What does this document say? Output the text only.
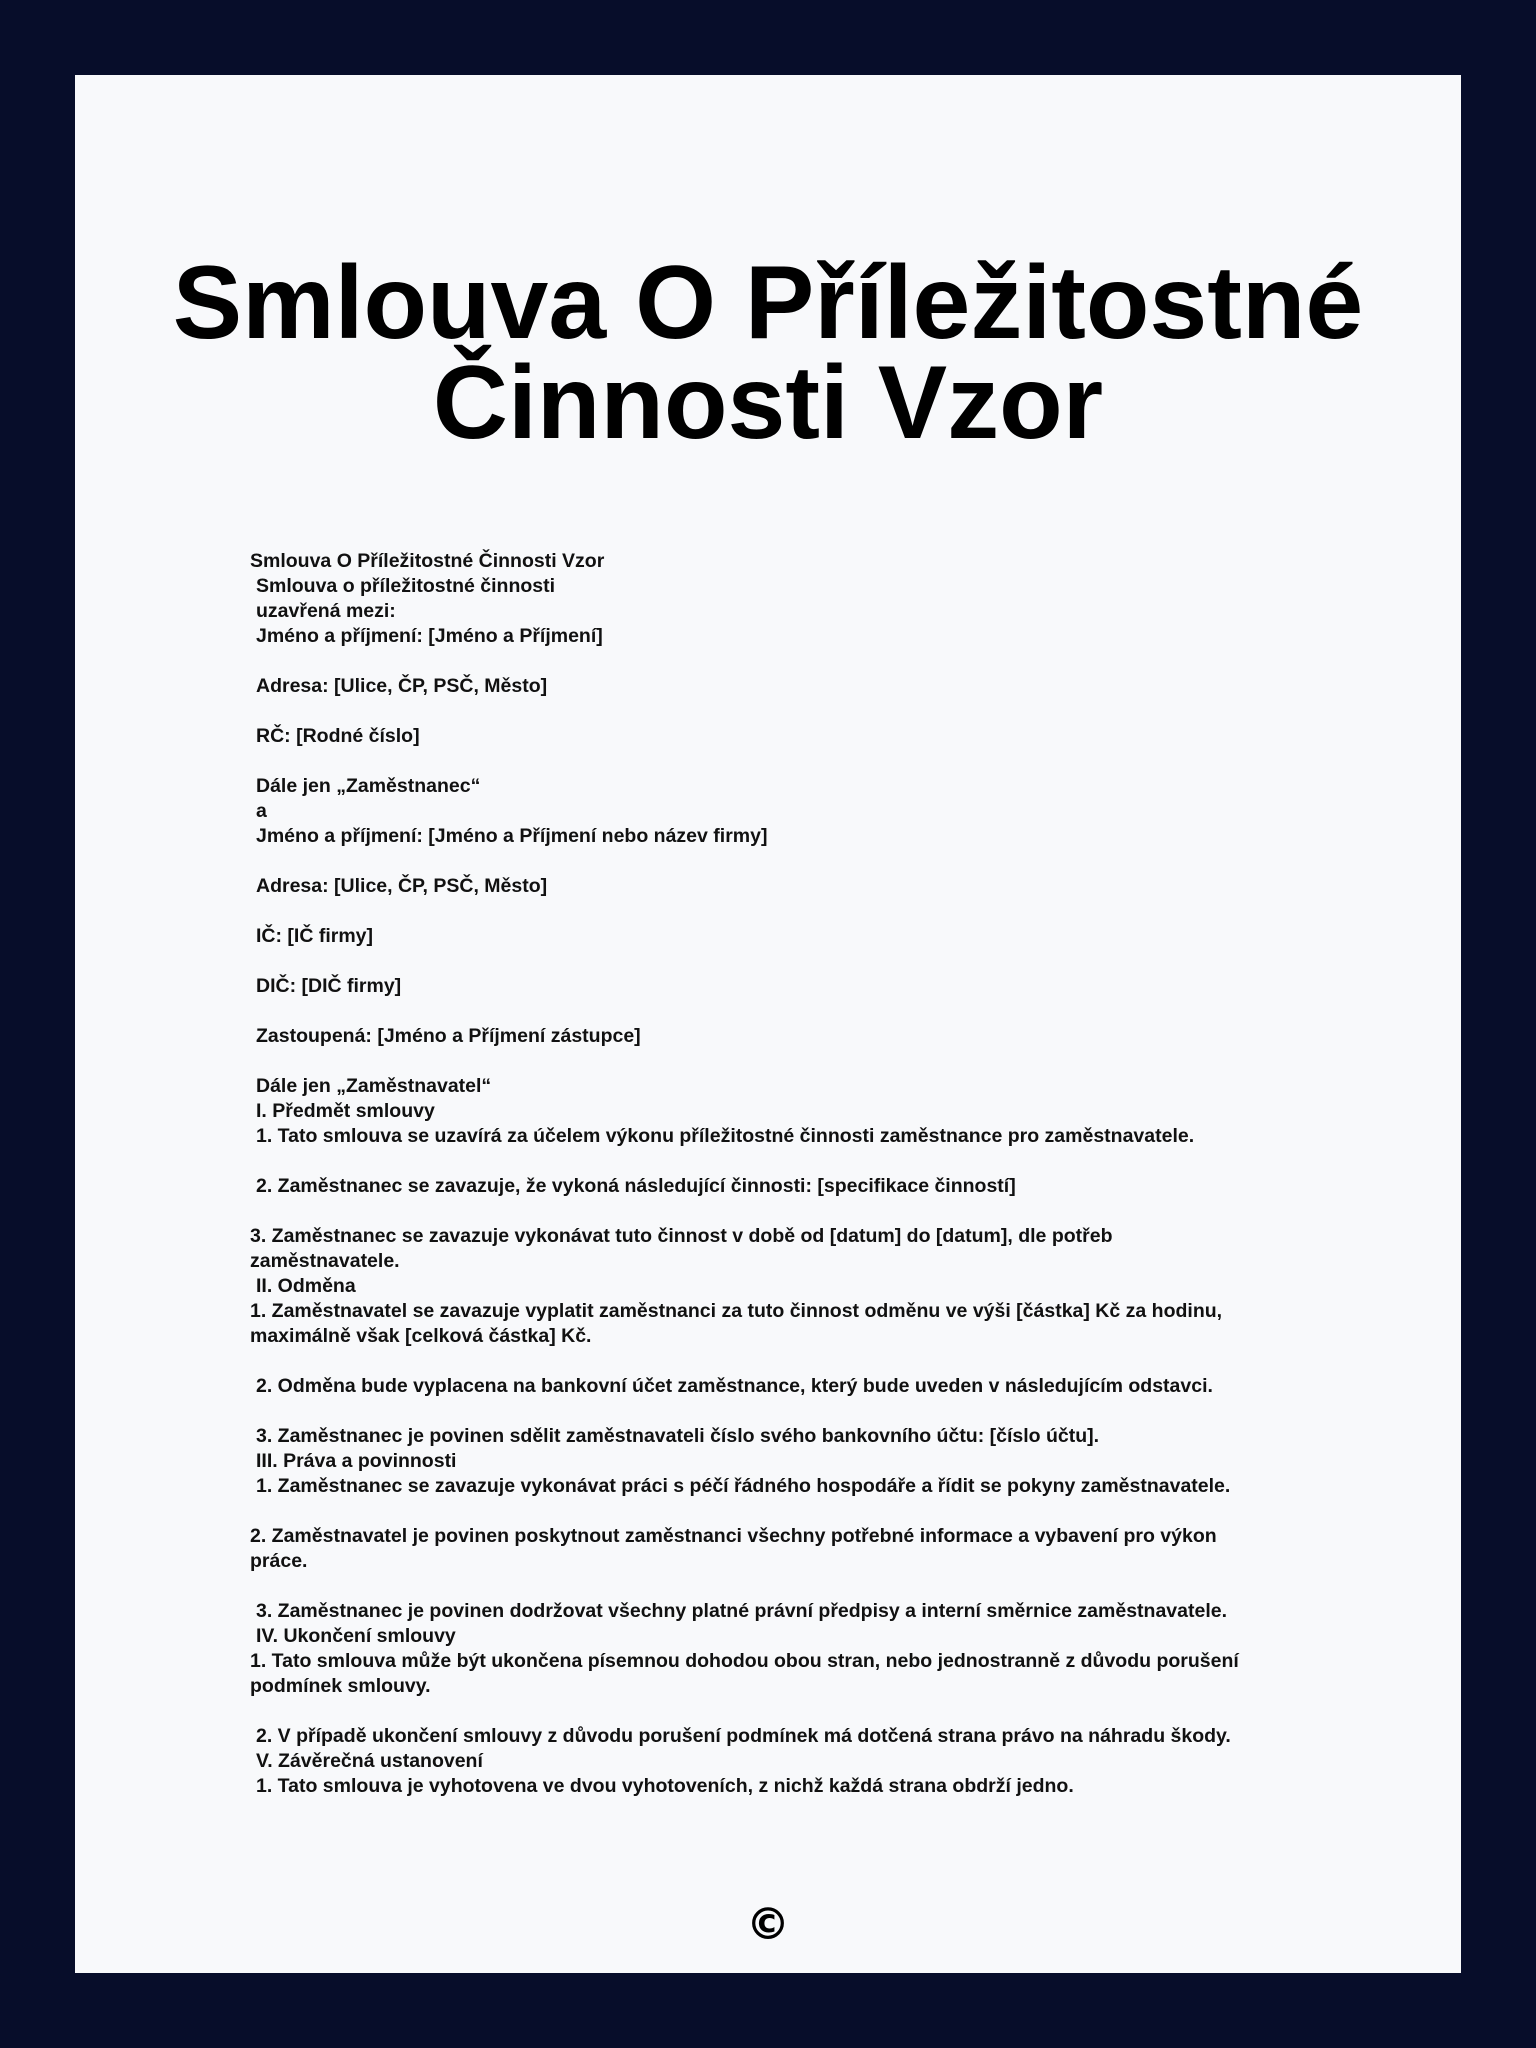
Smlouva O Příležitostné
Činnosti Vzor
Smlouva O Příležitostné Činnosti Vzor
Smlouva o příležitostné činnosti
uzavřená mezi:
Jméno a příjmení: [Jméno a Příjmení]
Adresa: [Ulice, ČP, PSČ, Město]
RČ: [Rodné číslo]
Dále jen „Zaměstnanec“
a
Jméno a příjmení: [Jméno a Příjmení nebo název firmy]
Adresa: [Ulice, ČP, PSČ, Město]
IČ: [IČ firmy]
DIČ: [DIČ firmy]
Zastoupená: [Jméno a Příjmení zástupce]
Dále jen „Zaměstnavatel“
I. Předmět smlouvy
1. Tato smlouva se uzavírá za účelem výkonu příležitostné činnosti zaměstnance pro zaměstnavatele.
2. Zaměstnanec se zavazuje, že vykoná následující činnosti: [specifikace činností]
3. Zaměstnanec se zavazuje vykonávat tuto činnost v době od [datum] do [datum], dle potřeb
zaměstnavatele.
II. Odměna
1. Zaměstnavatel se zavazuje vyplatit zaměstnanci za tuto činnost odměnu ve výši [částka] Kč za hodinu,
maximálně však [celková částka] Kč.
2. Odměna bude vyplacena na bankovní účet zaměstnance, který bude uveden v následujícím odstavci.
3. Zaměstnanec je povinen sdělit zaměstnavateli číslo svého bankovního účtu: [číslo účtu].
III. Práva a povinnosti
1. Zaměstnanec se zavazuje vykonávat práci s péčí řádného hospodáře a řídit se pokyny zaměstnavatele.
2. Zaměstnavatel je povinen poskytnout zaměstnanci všechny potřebné informace a vybavení pro výkon
práce.
3. Zaměstnanec je povinen dodržovat všechny platné právní předpisy a interní směrnice zaměstnavatele.
IV. Ukončení smlouvy
1. Tato smlouva může být ukončena písemnou dohodou obou stran, nebo jednostranně z důvodu porušení
podmínek smlouvy.
2. V případě ukončení smlouvy z důvodu porušení podmínek má dotčená strana právo na náhradu škody.
V. Závěrečná ustanovení
1. Tato smlouva je vyhotovena ve dvou vyhotoveních, z nichž každá strana obdrží jedno.
©
